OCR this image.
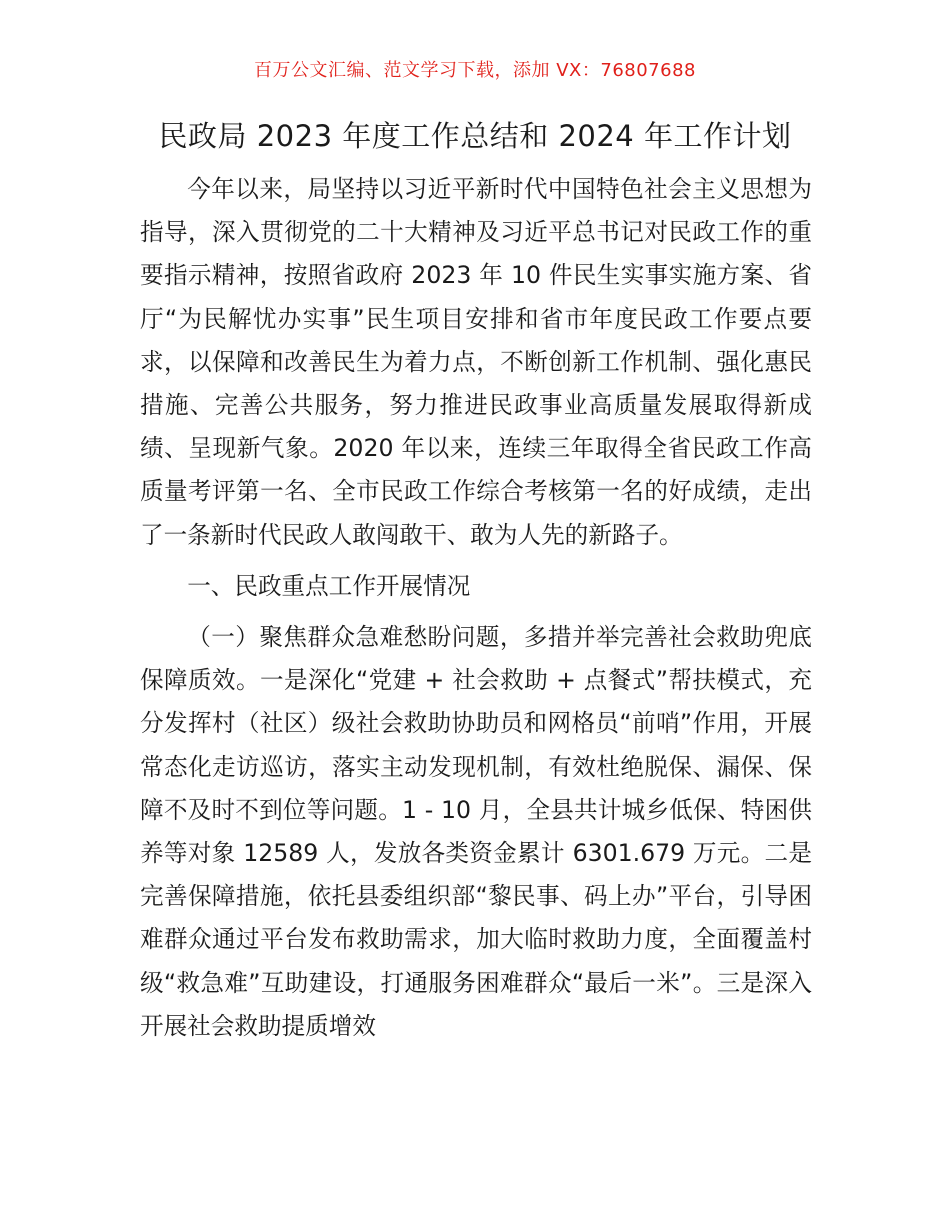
百万公文汇编、范文学习下载，添加 VX：76807688
民政局 2023 年度工作总结和 2024 年工作计划

今年以来，局坚持以习近平新时代中国特色社会主义思想为指导，深入贯彻党的二十大精神及习近平总书记对民政工作的重要指示精神，按照省政府 2023 年 10 件民生实事实施方案、省厅“为民解忧办实事”民生项目安排和省市年度民政工作要点要求，以保障和改善民生为着力点，不断创新工作机制、强化惠民措施、完善公共服务，努力推进民政事业高质量发展取得新成绩、呈现新气象。2020 年以来，连续三年取得全省民政工作高质量考评第一名、全市民政工作综合考核第一名的好成绩，走出了一条新时代民政人敢闯敢干、敢为人先的新路子。

一、民政重点工作开展情况

（一）聚焦群众急难愁盼问题，多措并举完善社会救助兜底保障质效。一是深化“党建 + 社会救助 + 点餐式”帮扶模式，充分发挥村（社区）级社会救助协助员和网格员“前哨”作用，开展常态化走访巡访，落实主动发现机制，有效杜绝脱保、漏保、保障不及时不到位等问题。1 - 10 月，全县共计城乡低保、特困供养等对象 12589 人，发放各类资金累计 6301.679 万元。二是完善保障措施，依托县委组织部“黎民事、码上办”平台，引导困难群众通过平台发布救助需求，加大临时救助力度，全面覆盖村级“救急难”互助建设，打通服务困难群众“最后一米”。三是深入开展社会救助提质增效
